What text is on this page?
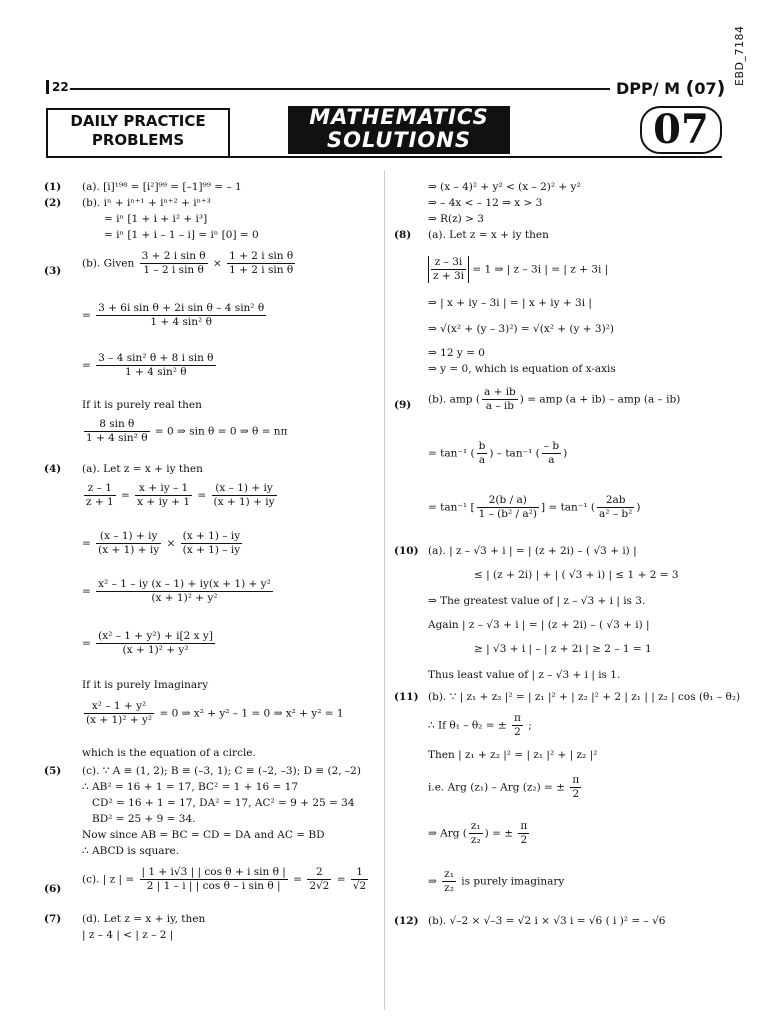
EBD_7184
22	DPP/ M (07)
DAILY PRACTICE
PROBLEMS
MATHEMATICS
SOLUTIONS	07
(1) (a). [i]¹⁹⁸ = [i²]⁹⁹ = [–1]⁹⁹ = – 1
(2) (b). iⁿ + iⁿ⁺¹ + iⁿ⁺² + iⁿ⁺³
= iⁿ [1 + i + i² + i³]
= iⁿ [1 + i – 1 – i] = iⁿ [0] = 0
(3)
(b). Given $\frac{\text{3 + 2 i sin θ}}{\text{1 – 2 i sin θ}} \times \frac{\text{1 + 2 i sin θ}}{\text{1 + 2 i sin θ}}$
= $\frac{\text{3 + 6i sin θ + 2i sin θ – 4 sin² θ}}{\text{1 + 4 sin² θ}}$
= $\frac{\text{3 – 4 sin² θ + 8 i sin θ}}{\text{1 + 4 sin² θ}}$
If it is purely real then
$\frac{\text{8 sin θ}}{\text{1 + 4 sin² θ}} = 0$ ⇒ sin θ = 0 ⇒ θ = nπ
(4) (a). Let z = x + iy then
$\frac{z - 1}{z + 1} = \frac{x + iy - 1}{x + iy + 1} = \frac{(x - 1) + iy}{(x + 1) + iy}$
= $\frac{(x - 1) + iy}{(x + 1) + iy} \times \frac{(x + 1) - iy}{(x + 1) - iy}$
= $\frac{\text{x² – 1 – iy (x – 1) + iy(x + 1) + y²}}{\text{(x + 1)² + y²}}$
= $\frac{\text{(x² – 1 + y²) + i[2 x y]}}{\text{(x + 1)² + y²}}$
If it is purely Imaginary
$\frac{\text{x² – 1 + y²}}{\text{(x + 1)² + y²}} = 0$ ⇒ x² + y² – 1 = 0 ⇒ x² + y² = 1
which is the equation of a circle.
(5) (c). ∵ A ≡ (1, 2); B ≡ (–3, 1); C ≡ (–2, –3); D ≡ (2, –2)
∴ AB² = 16 + 1 = 17, BC² = 1 + 16 = 17
CD² = 16 + 1 = 17, DA² = 17, AC² = 9 + 25 = 34
BD² = 25 + 9 = 34.
Now since AB = BC = CD = DA and AC = BD
∴ ABCD is square.
(6)
(c). | z | = $\frac{\text{| 1 + i√3 | | cos θ + i sin θ |}}{\text{2 | 1 – i | | cos θ – i sin θ |}} = \frac{2}{2√2} = \frac{1}{√2}$
(7) (d). Let z = x + iy, then
| z – 4 | < | z – 2 |
⇒ (x – 4)² + y² < (x – 2)² + y²
⇒ – 4x < – 12 ⇒ x > 3
⇒ R(z) > 3
(8) (a). Let z = x + iy then
$\frac{z - 3i}{z + 3i} = 1$ ⇒ | z – 3i | = | z + 3i |
⇒ | x + iy – 3i | = | x + iy + 3i |
⇒ √(x² + (y – 3)²) = √(x² + (y + 3)²)
⇒ 12 y = 0
⇒ y = 0, which is equation of x-axis
(9) (b). amp ( $\frac{a + ib}{a - ib}$ ) = amp (a + ib) – amp (a – ib)
= tan⁻¹ ( $\frac{b}{a}$ ) – tan⁻¹ ( $\frac{- b}{a}$ )
= tan⁻¹ [ $\frac{2(b / a)}{\text{1 – (b² / a²)}}$ ] = tan⁻¹ ( $\frac{2ab}{\text{a² – b²}}$ )
(10) (a). | z – √3 + i | = | (z + 2i) – ( √3 + i) |
≤ | (z + 2i) | + | ( √3 + i) | ≤ 1 + 2 = 3
⇒ The greatest value of | z – √3 + i | is 3.
Again | z – √3 + i | = | (z + 2i) – ( √3 + i) |
≥ | √3 + i | – | z + 2i | ≥ 2 – 1 = 1
Thus least value of | z – √3 + i | is 1.
(11) (b). ∵ | z₁ + z₂ |² = | z₁ |² + | z₂ |² + 2 | z₁ | | z₂ | cos (θ₁ – θ₂)
∴ If θ₁ – θ₂ = ± $\frac{\pi}{2}$ ;
Then | z₁ + z₂ |² = | z₁ |² + | z₂ |²
i.e. Arg (z₁) – Arg (z₂) = ± $\frac{\pi}{2}$
⇒ Arg ( $\frac{\text{z₁}}{\text{z₂}}$ ) = ± $\frac{\pi}{2}$
⇒ $\frac{\text{z₁}}{\text{z₂}}$ is purely imaginary
(12) (b). √–2 × √–3 = √2 i × √3 i = √6 ( i )² = – √6
